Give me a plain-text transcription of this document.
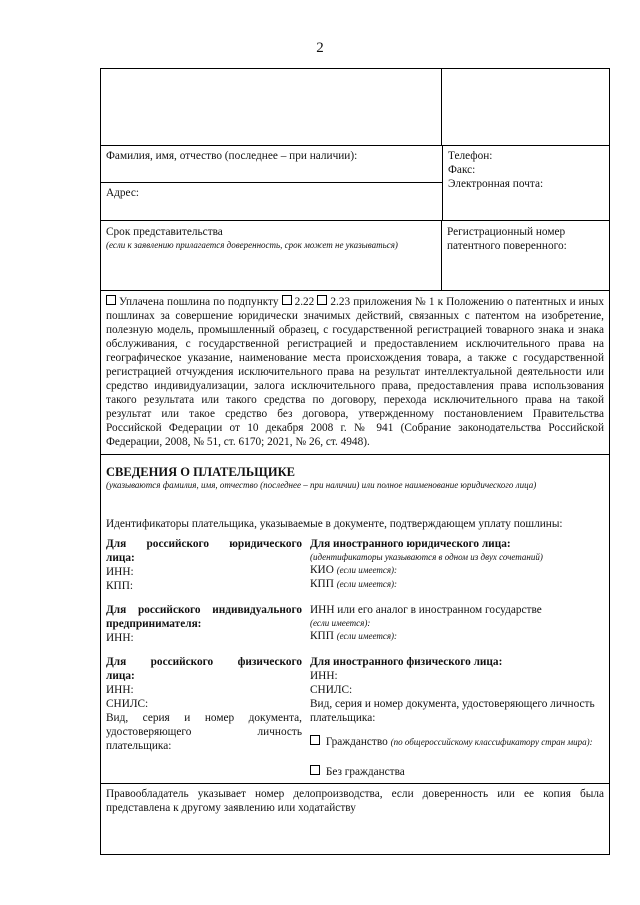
2
Фамилия, имя, отчество (последнее – при наличии):
Адрес:
Телефон:
Факс:
Электронная почта:
Срок представительства
(если к заявлению прилагается доверенность, срок может не указываться)
Регистрационный номер
патентного поверенного:
Уплачена пошлина по подпункту 2.22 2.23 приложения № 1 к Положению о патентных и иных пошлинах за совершение юридически значимых действий, связанных с патентом на изобретение, полезную модель, промышленный образец, с государственной регистрацией товарного знака и знака обслуживания, с государственной регистрацией и предоставлением исключительного права на географическое указание, наименование места происхождения товара, а также с государственной регистрацией отчуждения исключительного права на результат интеллектуальной деятельности или средство индивидуализации, залога исключительного права, предоставления права использования такого результата или такого средства по договору, перехода исключительного права на такой результат или такое средство без договора, утвержденному постановлением Правительства Российской Федерации от 10 декабря 2008 г. № 941 (Собрание законодательства Российской Федерации, 2008, № 51, ст. 6170; 2021, № 26, ст. 4948).
СВЕДЕНИЯ О ПЛАТЕЛЬЩИКЕ
(указываются фамилия, имя, отчество (последнее – при наличии) или полное наименование юридического лица)
Идентификаторы плательщика, указываемые в документе, подтверждающем уплату пошлины:
Для российского юридического
лица:
ИНН:
КПП:
Для иностранного юридического лица:
(идентификаторы указываются в одном из двух сочетаний)
КИО (если имеется):
КПП (если имеется):
Для российского индивидуального
предпринимателя:
ИНН:
ИНН или его аналог в иностранном государстве
(если имеется):
КПП (если имеется):
Для российского физического
лица:
ИНН:
СНИЛС:
Вид, серия и номер документа,
удостоверяющего личность
плательщика:
Для иностранного физического лица:
ИНН:
СНИЛС:
Вид, серия и номер документа, удостоверяющего личность
плательщика:
Гражданство (по общероссийскому классификатору стран мира):
Без гражданства
Правообладатель указывает номер делопроизводства, если доверенность или ее копия была представлена к другому заявлению или ходатайству
